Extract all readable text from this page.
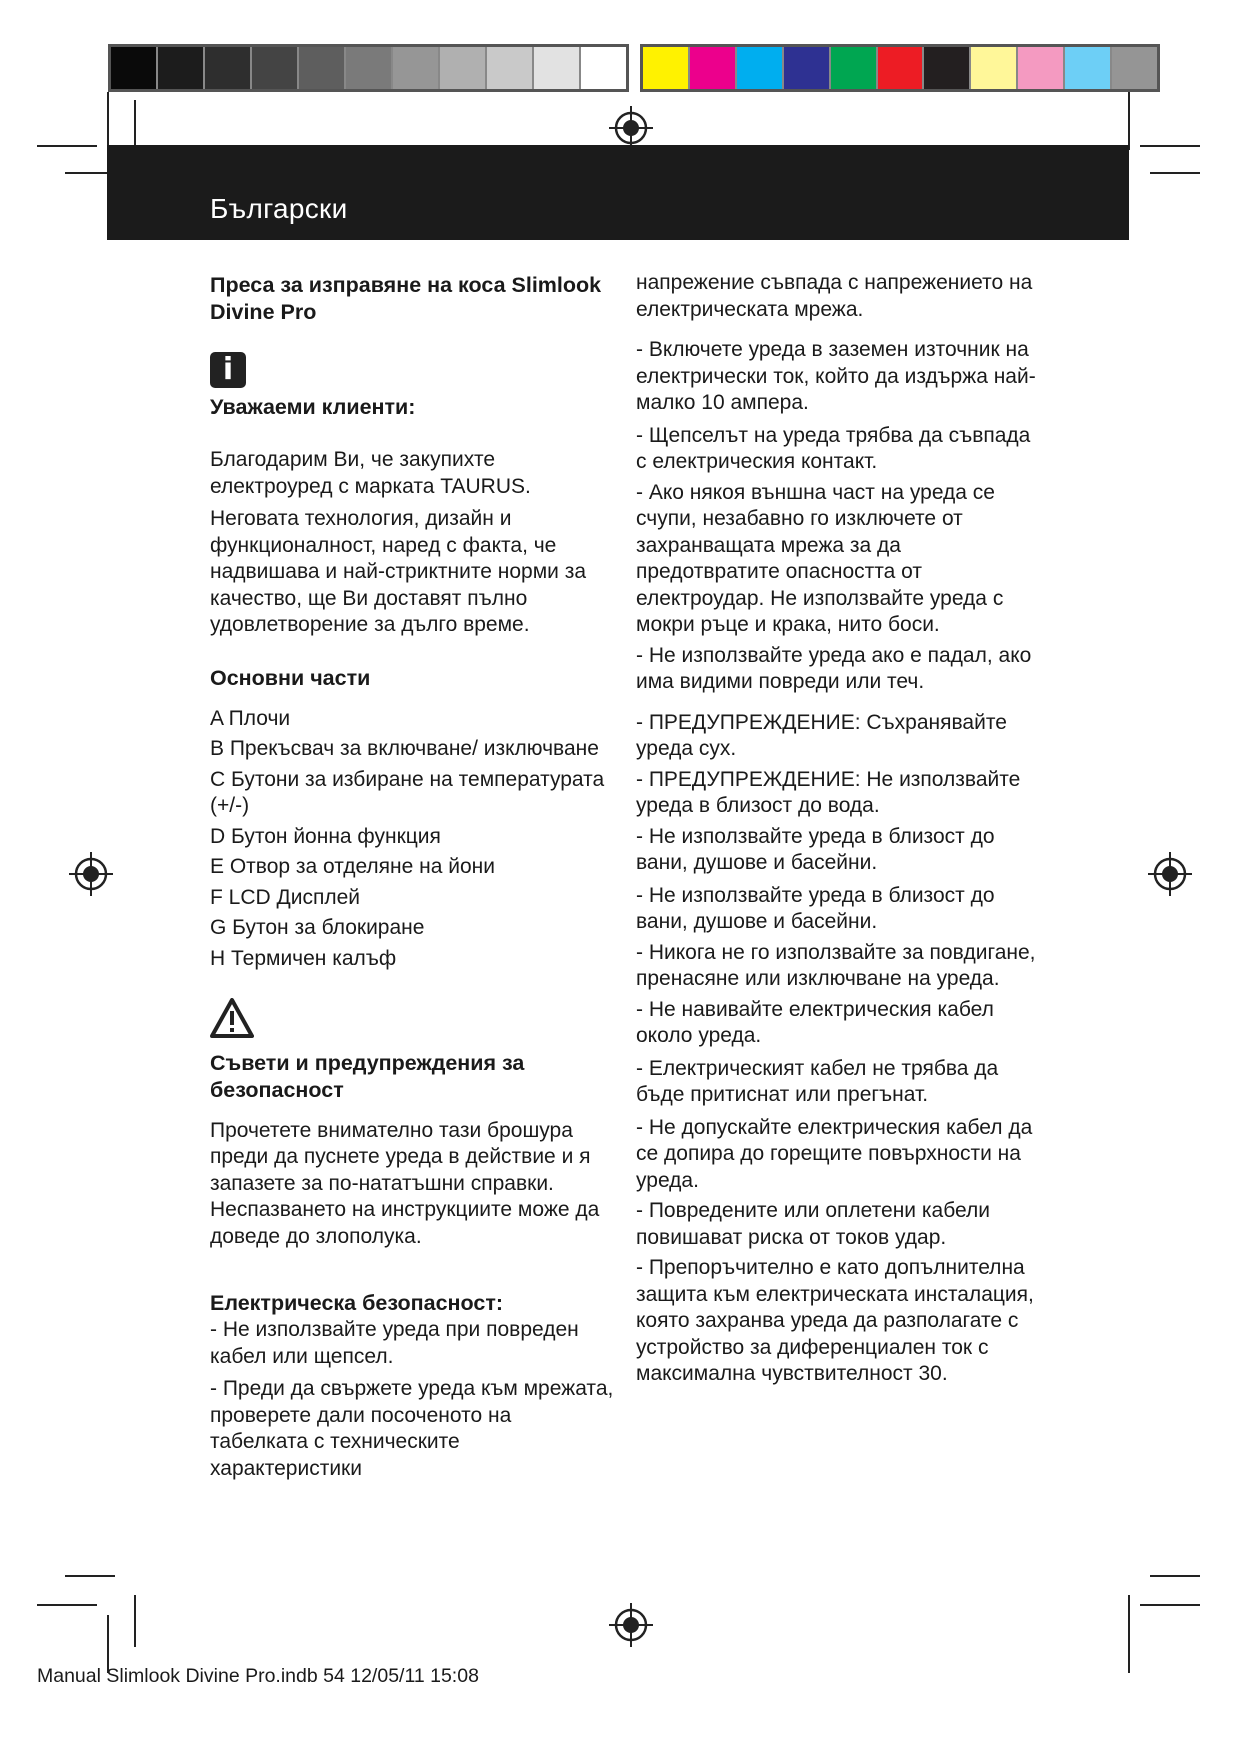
Български

Преса за изправяне на коса Slimlook Divine Pro

i

Уважаеми клиенти:

Благодарим Ви, че закупихте електроуред с марката TAURUS.

Неговата технология, дизайн и функционалност, наред с факта, че надвишава и най-стриктните норми за качество, ще Ви доставят пълно удовлетворение за дълго време.

Основни части

A Плочи

B Прекъсвач за включване/ изключване

C Бутони за избиране на температурата (+/-)

D Бутон йонна функция

E Отвор за отделяне на йони

F LCD Дисплей

G Бутон за блокиране

H Термичен калъф

Съвети и предупреждения за безопасност

Прочетете внимателно тази брошура преди да пуснете уреда в действие и я запазете за по-нататъшни справки. Неспазването на инструкциите може да доведе до злополука.

Електрическа безопасност:

- Не използвайте уреда при повреден кабел или щепсел.

- Преди да свържете уреда към мрежата, проверете дали посоченото на табелката с техническите характеристики

напрежение съвпада с напрежението на електрическата мрежа.

- Включете уреда в заземен източник на електрически ток, който да издържа най-малко 10 ампера.

- Щепселът на уреда трябва да съвпада с електрическия контакт.

- Ако някоя външна част на уреда се счупи, незабавно го изключете от захранващата мрежа за да предотвратите опасността от електроудар. Не използвайте уреда с мокри ръце и крака, нито боси.

- Не използвайте уреда ако е падал, ако има видими повреди или теч.

- ПРЕДУПРЕЖДЕНИЕ: Съхранявайте уреда сух.

- ПРЕДУПРЕЖДЕНИЕ: Не използвайте уреда в близост до вода.

- Не използвайте уреда в близост до вани, душове и басейни.

- Не използвайте уреда в близост до вани, душове и басейни.

- Никога не го използвайте за повдигане, пренасяне или изключване на уреда.

- Не навивайте електрическия кабел около уреда.

- Електрическият кабел не трябва да бъде притиснат или прегънат.

- Не допускайте електрическия кабел да се допира до горещите повърхности на уреда.

- Повредените или оплетени кабели повишават риска от токов удар.

- Препоръчително е като допълнителна защита към електрическата инсталация, която захранва уреда да разполагате с устройство за диференциален ток с максимална чувствителност 30.

Manual Slimlook Divine Pro.indb 54 12/05/11 15:08
